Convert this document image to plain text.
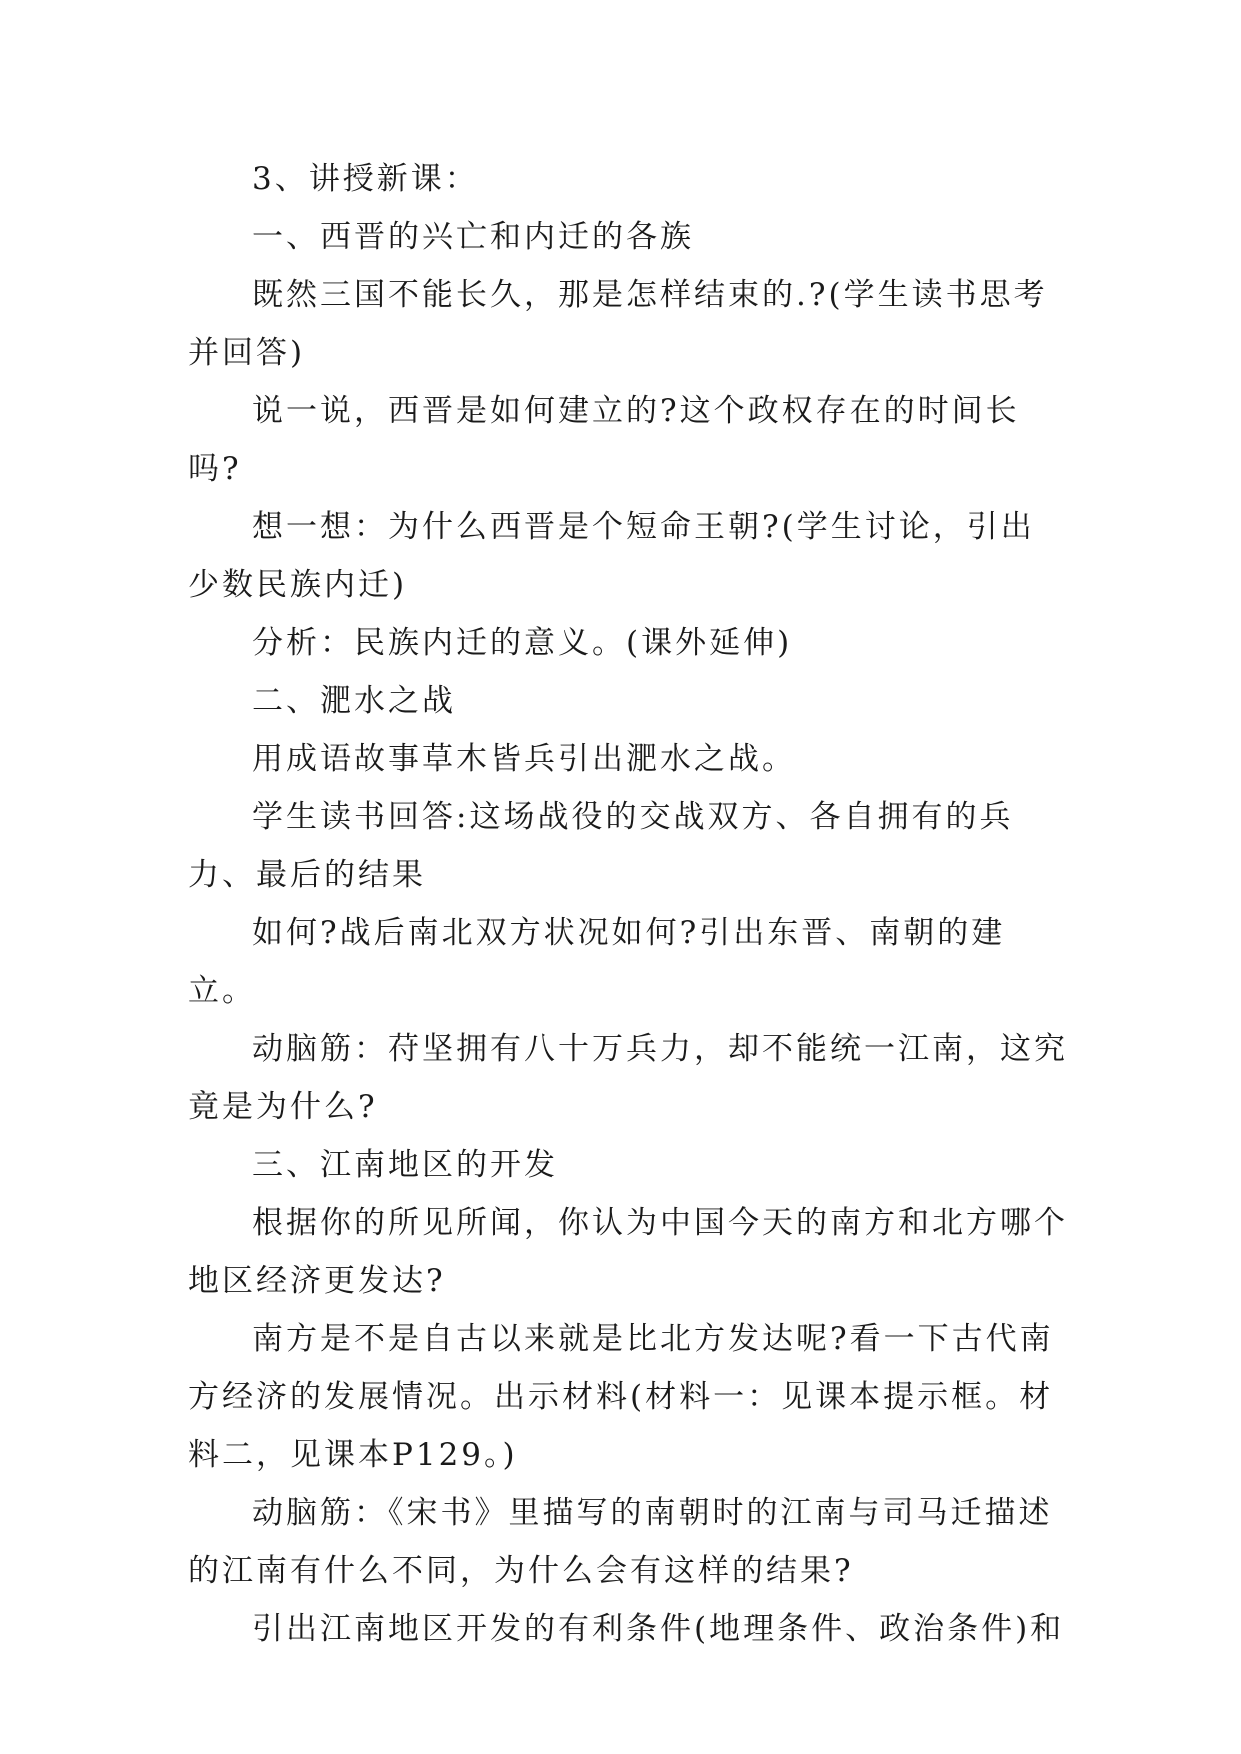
3、讲授新课：

一、西晋的兴亡和内迁的各族

既然三国不能长久，那是怎样结束的.?(学生读书思考并回答)

说一说，西晋是如何建立的?这个政权存在的时间长吗?

想一想：为什么西晋是个短命王朝?(学生讨论，引出少数民族内迁)

分析：民族内迁的意义。(课外延伸)

二、淝水之战

用成语故事草木皆兵引出淝水之战。

学生读书回答:这场战役的交战双方、各自拥有的兵力、最后的结果

如何?战后南北双方状况如何?引出东晋、南朝的建立。

动脑筋：苻坚拥有八十万兵力，却不能统一江南，这究竟是为什么?

三、江南地区的开发

根据你的所见所闻，你认为中国今天的南方和北方哪个地区经济更发达?

南方是不是自古以来就是比北方发达呢?看一下古代南方经济的发展情况。出示材料(材料一：见课本提示框。材料二，见课本P129。)

动脑筋：《宋书》里描写的南朝时的江南与司马迁描述的江南有什么不同，为什么会有这样的结果?

引出江南地区开发的有利条件(地理条件、政治条件)和
